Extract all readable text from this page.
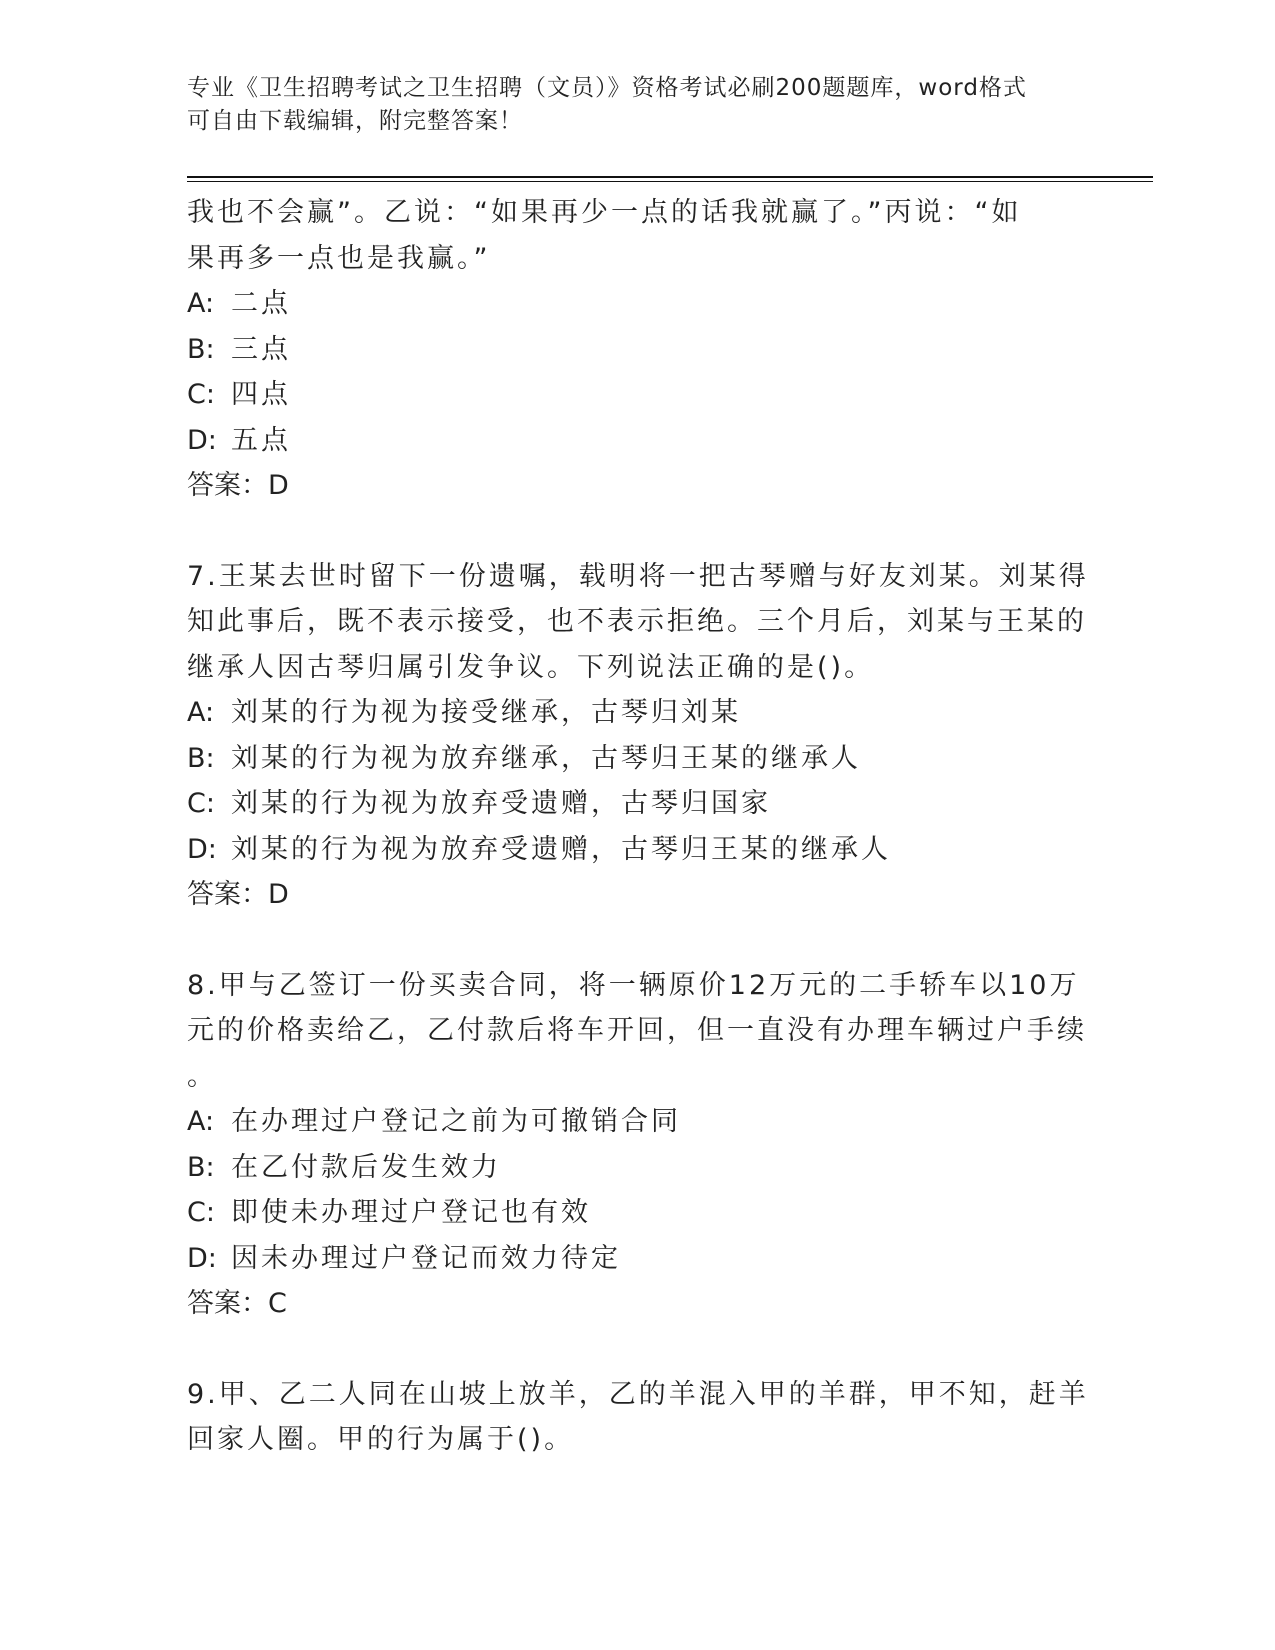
专业《卫生招聘考试之卫生招聘（文员）》资格考试必刷200题题库，word格式
可自由下载编辑，附完整答案！
我也不会赢”。乙说：“如果再少一点的话我就赢了。”丙说：“如
果再多一点也是我赢。”
A: 二点
B: 三点
C: 四点
D: 五点
答案：D
7.王某去世时留下一份遗嘱，载明将一把古琴赠与好友刘某。刘某得
知此事后，既不表示接受，也不表示拒绝。三个月后，刘某与王某的
继承人因古琴归属引发争议。下列说法正确的是()。
A: 刘某的行为视为接受继承，古琴归刘某
B: 刘某的行为视为放弃继承，古琴归王某的继承人
C: 刘某的行为视为放弃受遗赠，古琴归国家
D: 刘某的行为视为放弃受遗赠，古琴归王某的继承人
答案：D
8.甲与乙签订一份买卖合同，将一辆原价12万元的二手轿车以10万
元的价格卖给乙，乙付款后将车开回，但一直没有办理车辆过户手续
。
A: 在办理过户登记之前为可撤销合同
B: 在乙付款后发生效力
C: 即使未办理过户登记也有效
D: 因未办理过户登记而效力待定
答案：C
9.甲、乙二人同在山坡上放羊，乙的羊混入甲的羊群，甲不知，赶羊
回家人圈。甲的行为属于()。
